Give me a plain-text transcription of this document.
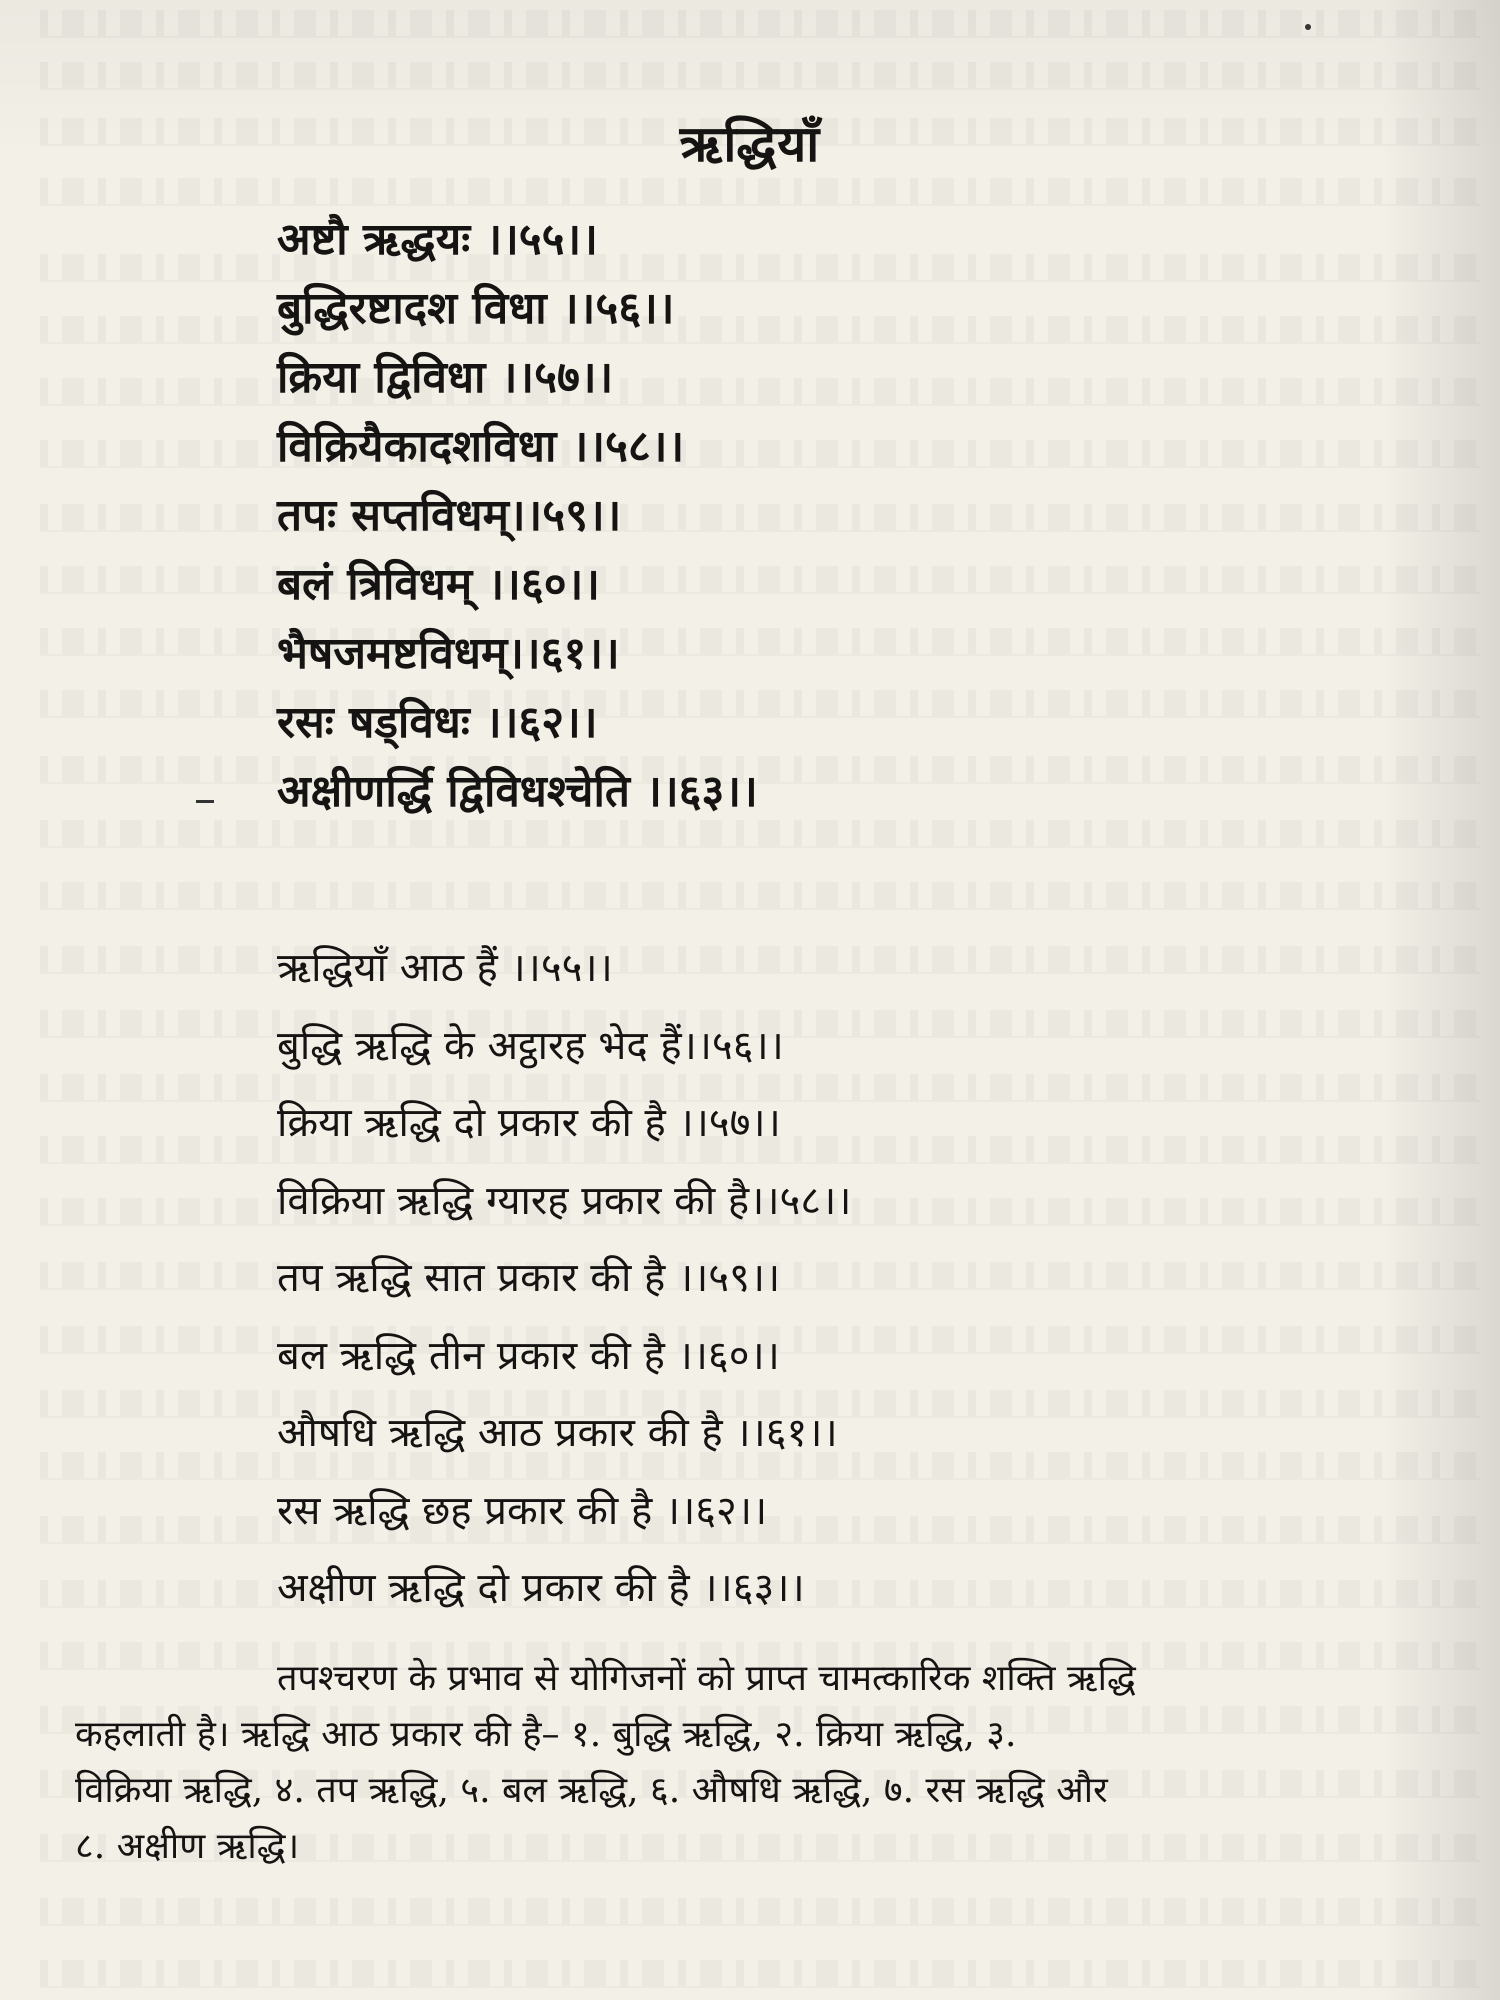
ऋद्धियाँ
अष्टौ ऋद्धयः ।।५५।।
बुद्धिरष्टादश विधा ।।५६।।
क्रिया द्विविधा ।।५७।।
विक्रियैकादशविधा ।।५८।।
तपः सप्तविधम्।।५९।।
बलं त्रिविधम् ।।६०।।
भैषजमष्टविधम्।।६१।।
रसः षड्विधः ।।६२।।
अक्षीणर्द्धि द्विविधश्चेति ।।६३।।
ऋद्धियाँ आठ हैं ।।५५।।
बुद्धि ऋद्धि के अट्ठारह भेद हैं।।५६।।
क्रिया ऋद्धि दो प्रकार की है ।।५७।।
विक्रिया ऋद्धि ग्यारह प्रकार की है।।५८।।
तप ऋद्धि सात प्रकार की है ।।५९।।
बल ऋद्धि तीन प्रकार की है ।।६०।।
औषधि ऋद्धि आठ प्रकार की है ।।६१।।
रस ऋद्धि छह प्रकार की है ।।६२।।
अक्षीण ऋद्धि दो प्रकार की है ।।६३।।
तपश्चरण के प्रभाव से योगिजनों को प्राप्त चामत्कारिक शक्ति ऋद्धि
कहलाती है। ऋद्धि आठ प्रकार की है– १. बुद्धि ऋद्धि, २. क्रिया ऋद्धि, ३.
विक्रिया ऋद्धि, ४. तप ऋद्धि, ५. बल ऋद्धि, ६. औषधि ऋद्धि, ७. रस ऋद्धि और
८. अक्षीण ऋद्धि।
